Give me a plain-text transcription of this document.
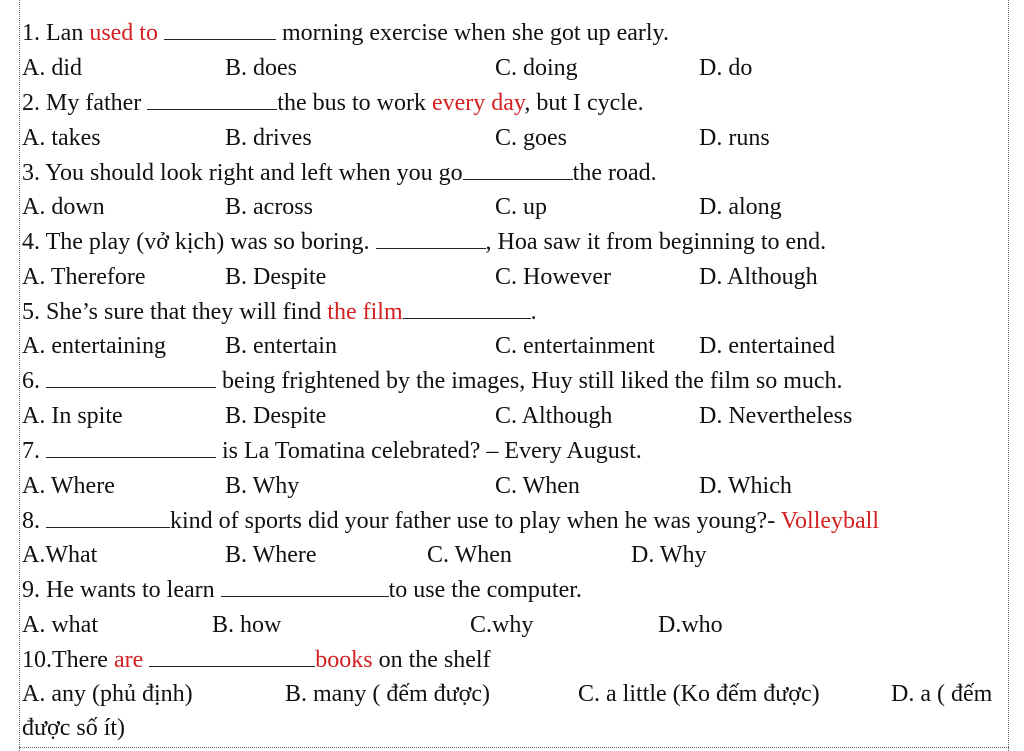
1. Lan used to	morning exercise when she got up early.
A. did	B. does	C. doing	D. do
2. My father	the bus to work every day, but I cycle.
A. takes	B. drives	C. goes	D. runs
3. You should look right and left when you go	the road.
A. down	B. across	C. up	D. along
4. The play (vở kịch) was so boring.	, Hoa saw it from beginning to end.
A. Therefore	B. Despite	C. However	D. Although
5. She’s sure that they will find the film	.
A. entertaining B. entertain	C. entertainment D. entertained
6.	being frightened by the images, Huy still liked the film so much.
A. In spite	B. Despite	C. Although	D. Nevertheless
7.	is La Tomatina celebrated? – Every August.
A. Where	B. Why	C. When	D. Which
8.	kind of sports did your father use to play when he was young?- Volleyball
A.What	B. Where	C. When	D. Why
9. He wants to learn	to use the computer.
A. what	B. how	C.why	D.who
10.There are	books on the shelf
A. any (phủ định)	B. many ( đếm được)	C. a little (Ko đếm được)	D. a ( đếm
được số ít)
